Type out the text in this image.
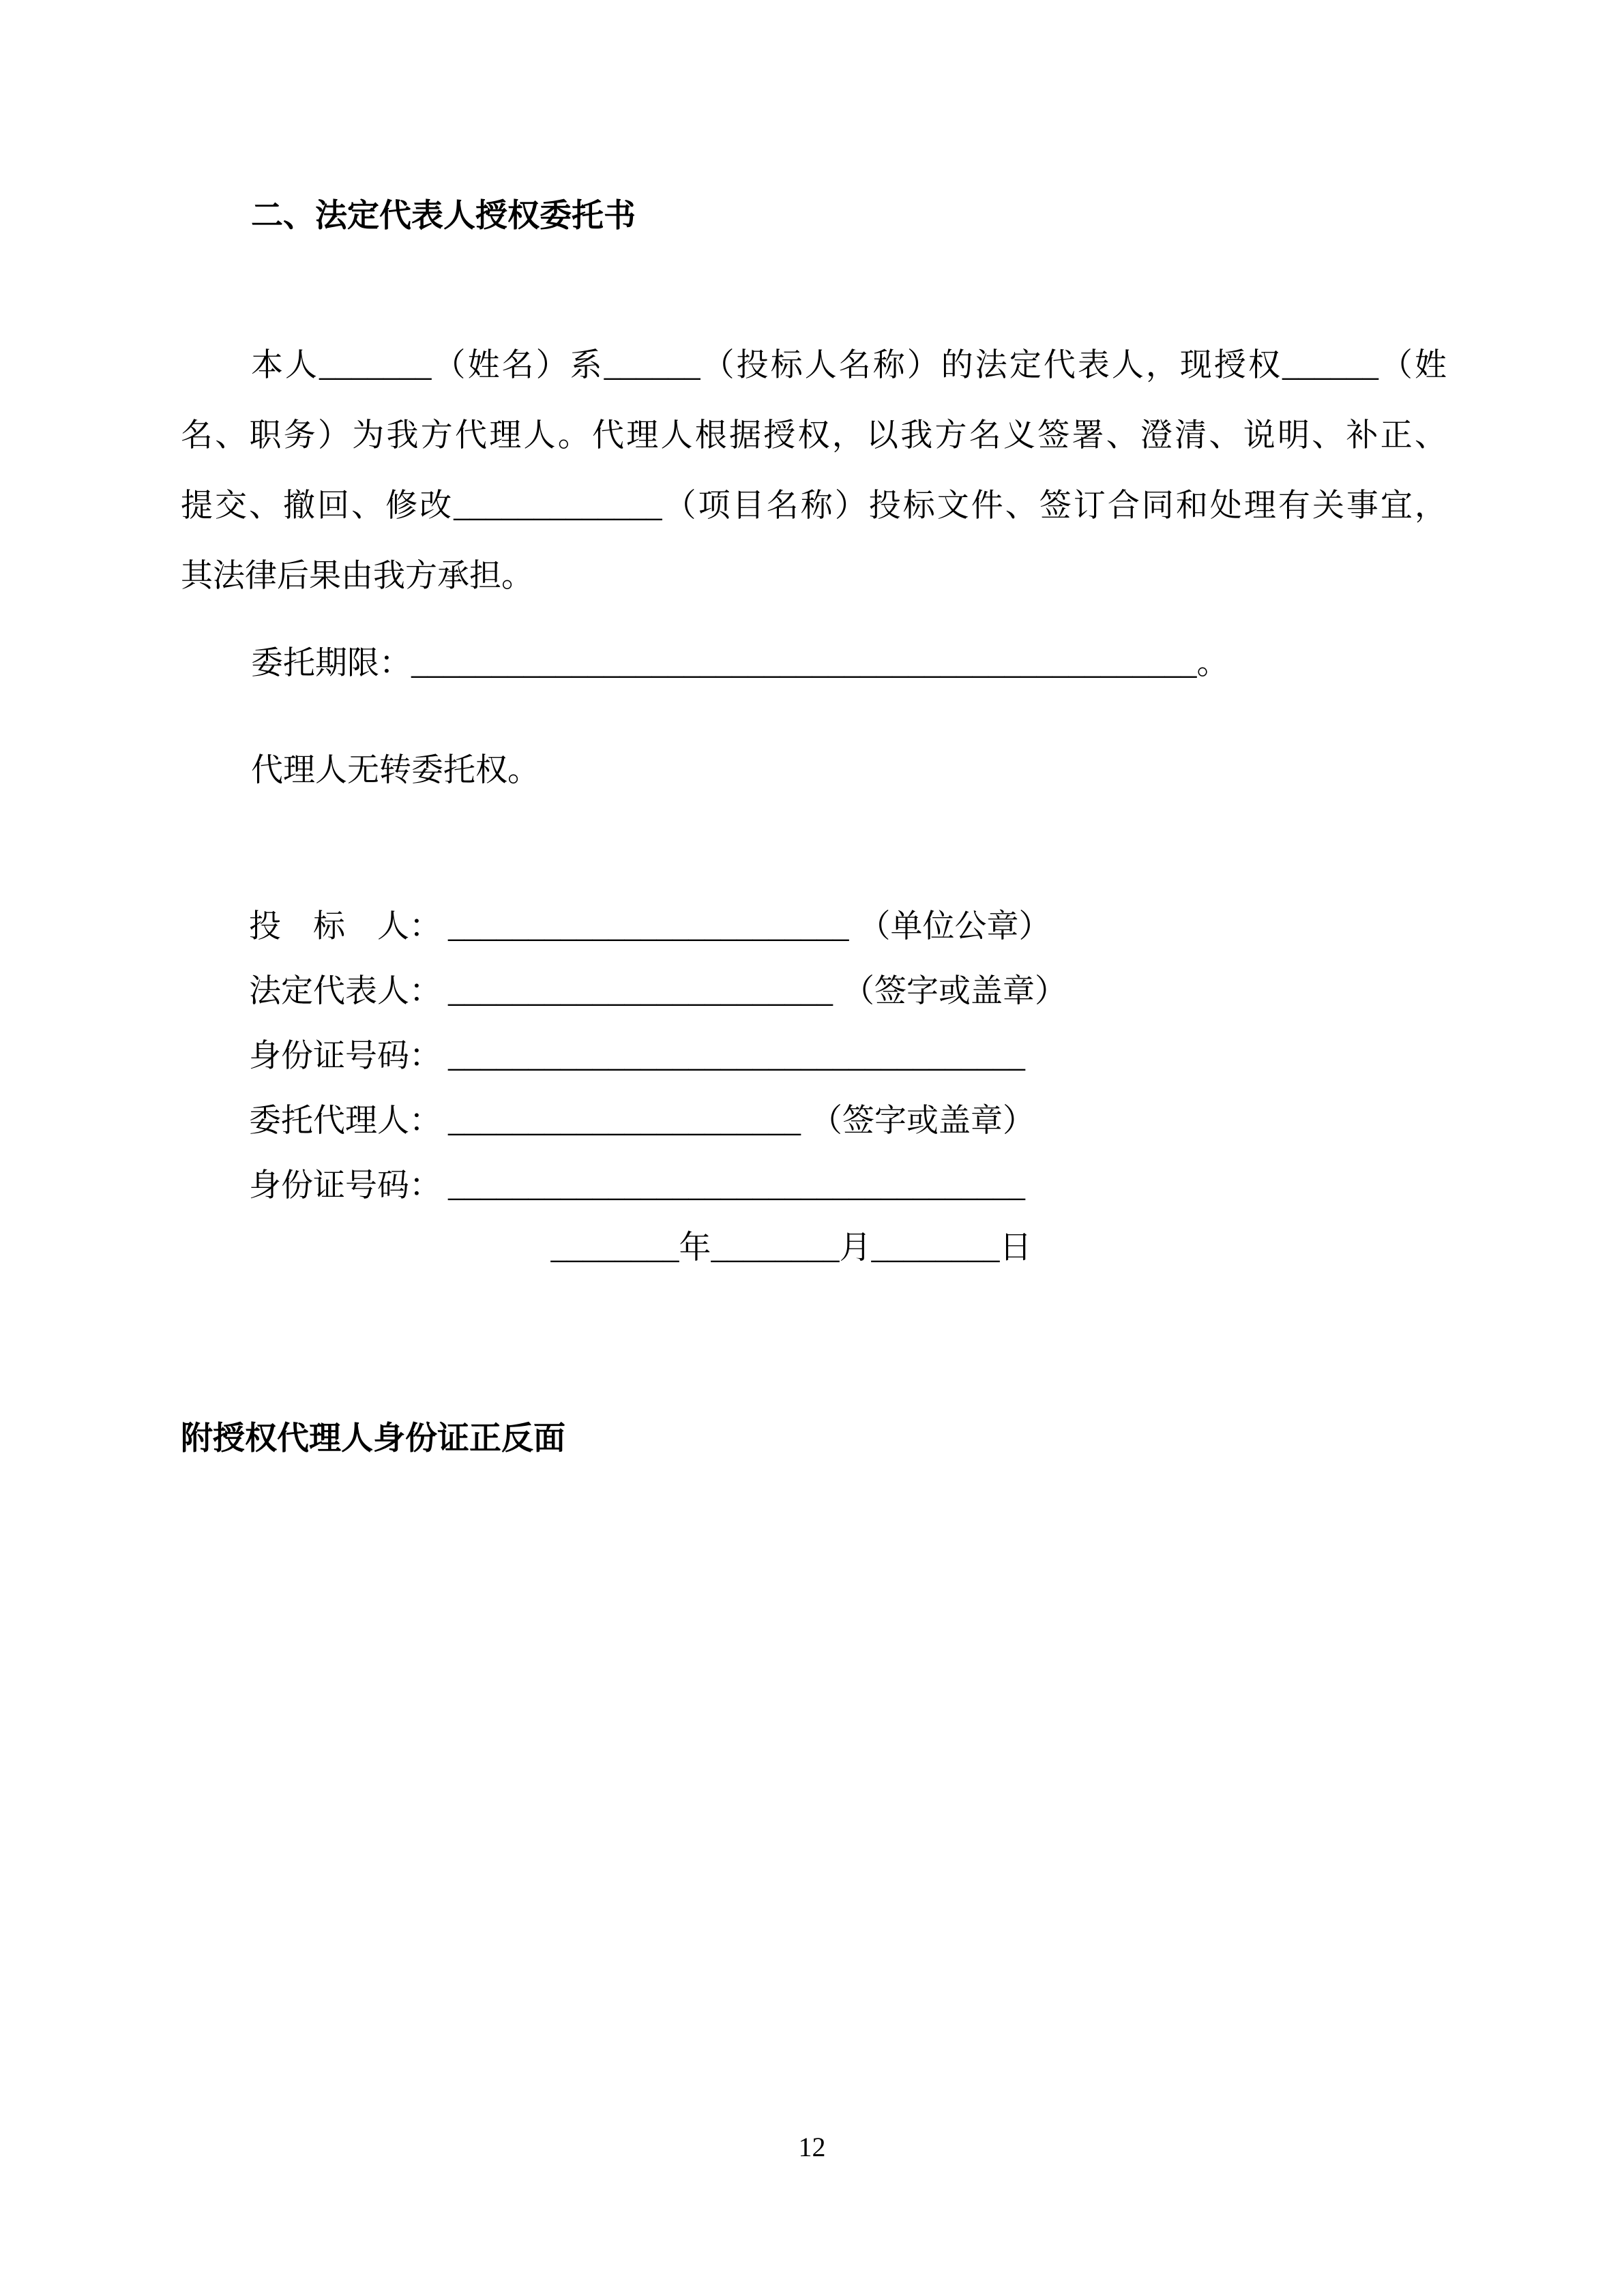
二、法定代表人授权委托书
本人_______（姓名）系______（投标人名称）的法定代表人，现授权______（姓
名、职务）为我方代理人。代理人根据授权，以我方名义签署、澄清、说明、补正、
提交、撤回、修改_____________（项目名称）投标文件、签订合同和处理有关事宜，
其法律后果由我方承担。
委托期限：_________________________________________________。
代理人无转委托权。
投　标　人： _________________________ （单位公章）
法定代表人： ________________________ （签字或盖章）
身份证号码： ____________________________________
委托代理人： ______________________ （签字或盖章）
身份证号码： ____________________________________
________年________月________日
附授权代理人身份证正反面
12
